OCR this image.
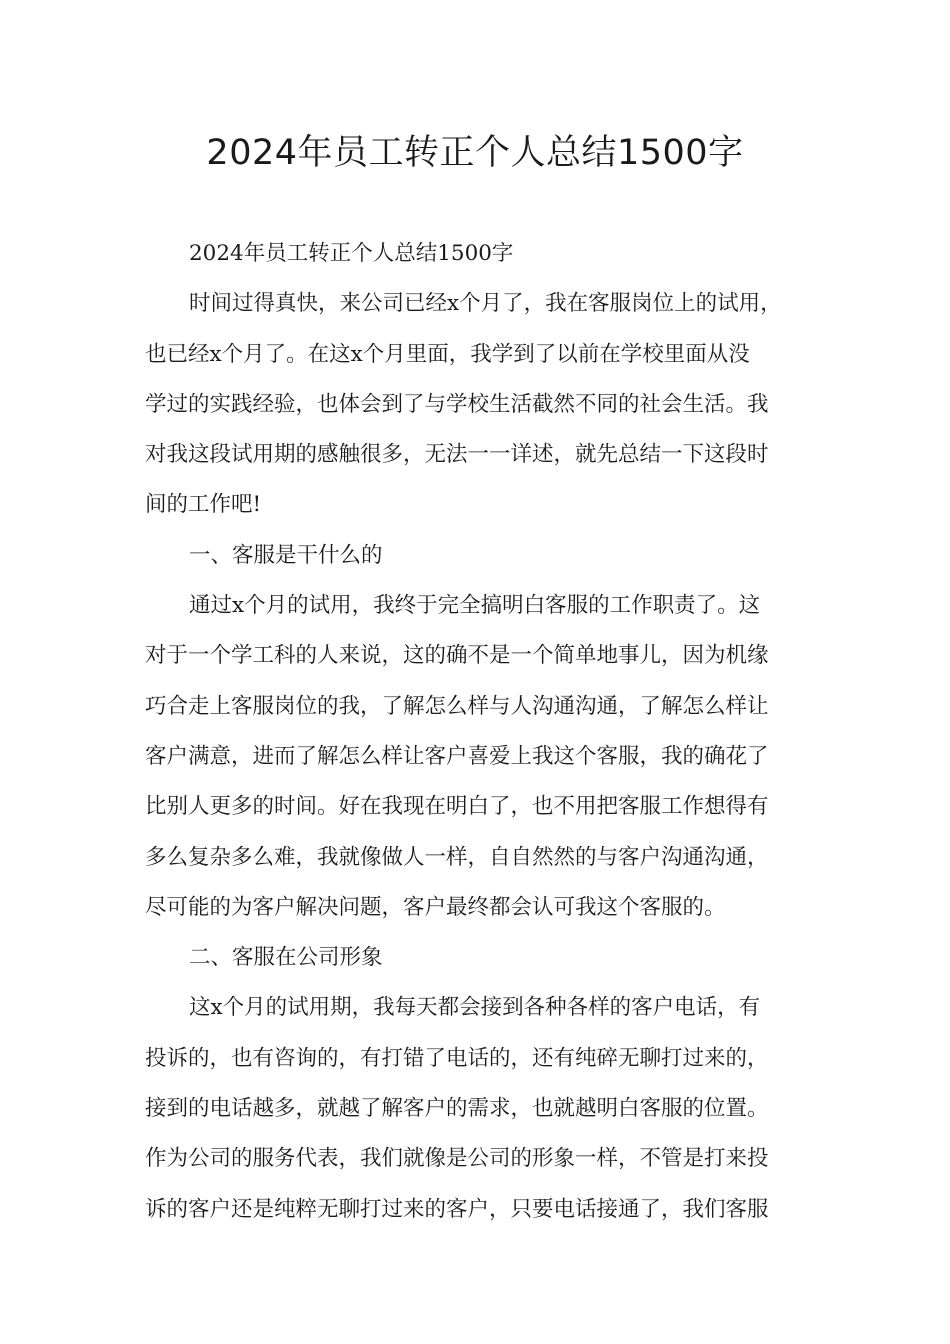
2024年员工转正个人总结1500字
2024年员工转正个人总结1500字
时间过得真快，来公司已经x个月了，我在客服岗位上的试用，
也已经x个月了。在这x个月里面，我学到了以前在学校里面从没
学过的实践经验，也体会到了与学校生活截然不同的社会生活。我
对我这段试用期的感触很多，无法一一详述，就先总结一下这段时
间的工作吧!
一、客服是干什么的
通过x个月的试用，我终于完全搞明白客服的工作职责了。这
对于一个学工科的人来说，这的确不是一个简单地事儿，因为机缘
巧合走上客服岗位的我，了解怎么样与人沟通沟通，了解怎么样让
客户满意，进而了解怎么样让客户喜爱上我这个客服，我的确花了
比别人更多的时间。好在我现在明白了，也不用把客服工作想得有
多么复杂多么难，我就像做人一样，自自然然的与客户沟通沟通，
尽可能的为客户解决问题，客户最终都会认可我这个客服的。
二、客服在公司形象
这x个月的试用期，我每天都会接到各种各样的客户电话，有
投诉的，也有咨询的，有打错了电话的，还有纯碎无聊打过来的，
接到的电话越多，就越了解客户的需求，也就越明白客服的位置。
作为公司的服务代表，我们就像是公司的形象一样，不管是打来投
诉的客户还是纯粹无聊打过来的客户，只要电话接通了，我们客服
